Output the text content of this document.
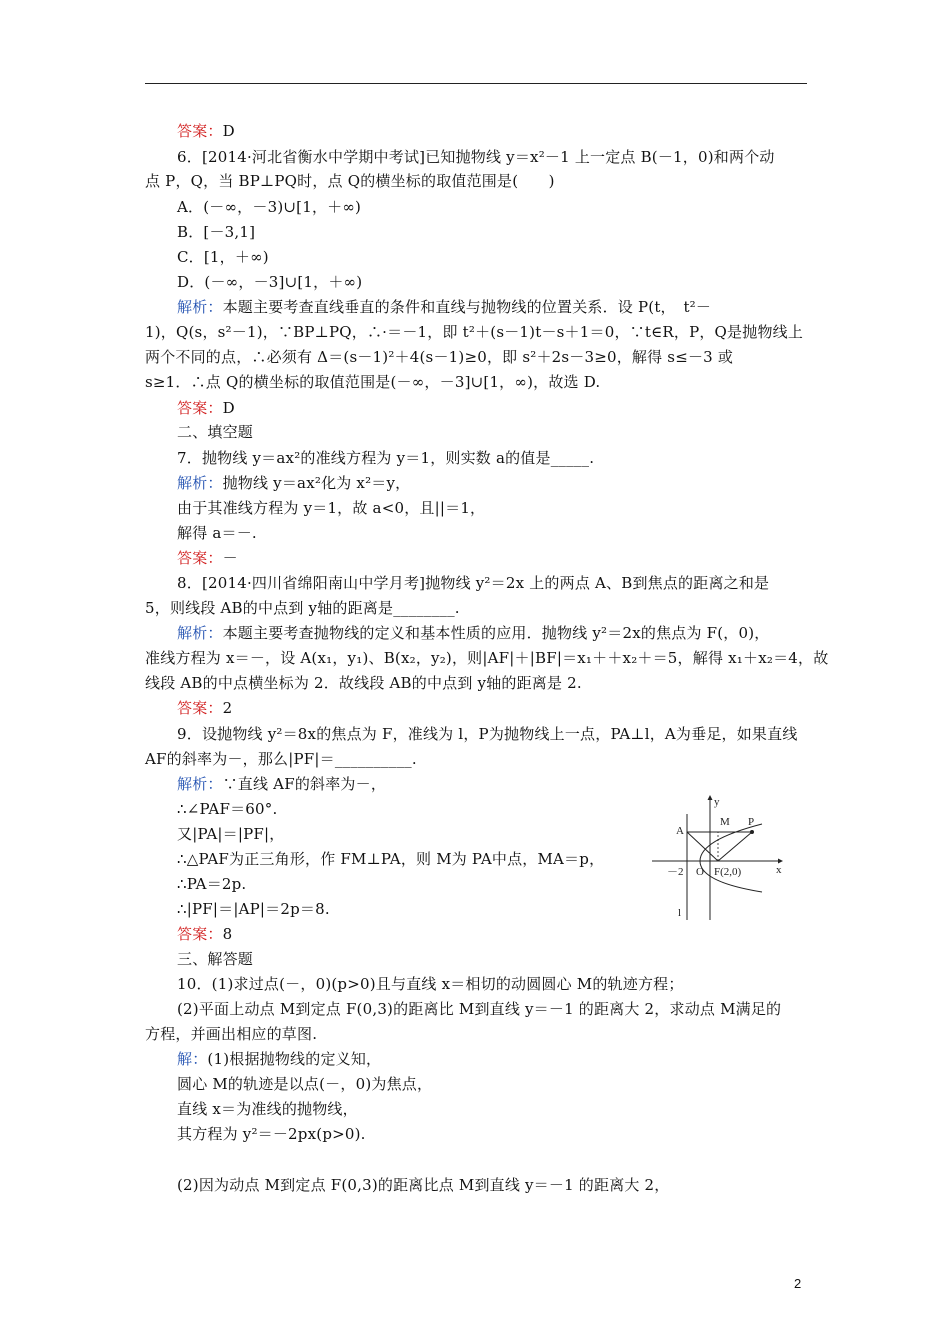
答案：D
6．[2014·河北省衡水中学期中考试]已知抛物线 y＝x²－1 上一定点 B(－1，0)和两个动
点 P，Q，当 BP⊥PQ时，点 Q的横坐标的取值范围是(　　)
A．(－∞，－3)∪[1，＋∞)
B．[－3,1]
C．[1，＋∞)
D．(－∞，－3]∪[1，＋∞)
解析：本题主要考查直线垂直的条件和直线与抛物线的位置关系．设 P(t，　t²－
1)，Q(s，s²－1)，∵BP⊥PQ，∴·＝－1，即 t²＋(s－1)t－s＋1＝0，∵t∈R，P，Q是抛物线上
两个不同的点，∴必须有 Δ＝(s－1)²＋4(s－1)≥0，即 s²＋2s－3≥0，解得 s≤－3 或
s≥1．∴点 Q的横坐标的取值范围是(－∞，－3]∪[1，∞)，故选 D.
答案：D
二、填空题
7．抛物线 y＝ax²的准线方程为 y＝1，则实数 a的值是_____.
解析：抛物线 y＝ax²化为 x²＝y，
由于其准线方程为 y＝1，故 a<0，且||＝1，
解得 a＝－.
答案：－
8．[2014·四川省绵阳南山中学月考]抛物线 y²＝2x 上的两点 A、B到焦点的距离之和是
5，则线段 AB的中点到 y轴的距离是________.
解析：本题主要考查抛物线的定义和基本性质的应用．抛物线 y²＝2x的焦点为 F(，0)，
准线方程为 x＝－，设 A(x₁，y₁)、B(x₂，y₂)，则|AF|＋|BF|＝x₁＋＋x₂＋＝5，解得 x₁＋x₂＝4，故
线段 AB的中点横坐标为 2．故线段 AB的中点到 y轴的距离是 2.
答案：2
9．设抛物线 y²＝8x的焦点为 F，准线为 l，P为抛物线上一点，PA⊥l，A为垂足，如果直线
AF的斜率为－，那么|PF|＝__________.
解析：∵直线 AF的斜率为－，
∴∠PAF＝60°.
又|PA|＝|PF|，
∴△PAF为正三角形，作 FM⊥PA，则 M为 PA中点，MA＝p，
∴PA＝2p.
∴|PF|＝|AP|＝2p＝8.
答案：8
三、解答题
10．(1)求过点(－，0)(p>0)且与直线 x＝相切的动圆圆心 M的轨迹方程；
(2)平面上动点 M到定点 F(0,3)的距离比 M到直线 y＝－1 的距离大 2，求动点 M满足的
方程，并画出相应的草图.
解：(1)根据抛物线的定义知，
圆心 M的轨迹是以点(－，0)为焦点，
直线 x＝为准线的抛物线，
其方程为 y²＝－2px(p>0).
(2)因为动点 M到定点 F(0,3)的距离比点 M到直线 y＝－1 的距离大 2，
y
x
A
M P
－2 O F(2,0)
l
2
